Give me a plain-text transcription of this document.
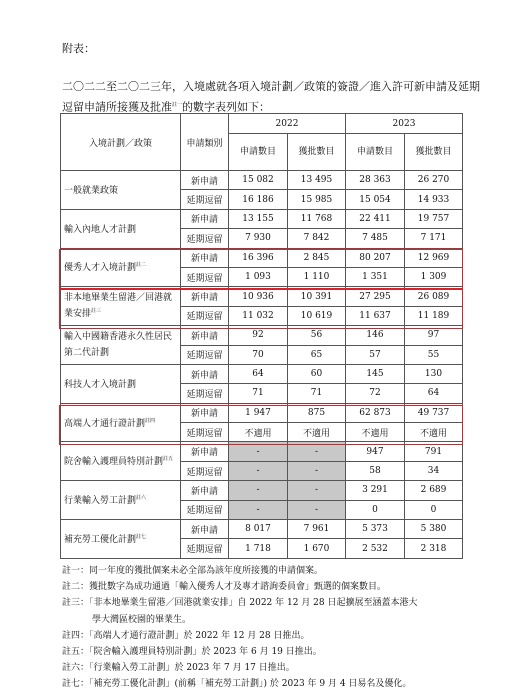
附表：
二〇二二至二〇二三年，入境處就各項入境計劃／政策的簽證／進入許可新申請及延期逗留申請所接獲及批准$^{註一}$的數字表列如下：
入境計劃／政策	申請類別	2022		2023	
		申請數目	獲批數目	申請數目	獲批數目
一般就業政策	新申請	15 082	13 495	28 363	26 270
	延期逗留	16 186	15 985	15 054	14 933
輸入內地人才計劃	新申請	13 155	11 768	22 411	19 757
	延期逗留	7 930	7 842	7 485	7 171
優秀人才入境計劃$^{註二}$	新申請	16 396	2 845	80 207	12 969
	延期逗留	1 093	1 110	1 351	1 309
非本地畢業生留港／回港就業安排$^{註三}$	新申請	10 936	10 391	27 295	26 089
	延期逗留	11 032	10 619	11 637	11 189
輸入中國籍香港永久性居民第二代計劃	新申請	92	56	146	97
	延期逗留	70	65	57	55
科技人才入境計劃	新申請	64	60	145	130
	延期逗留	71	71	72	64
高端人才通行證計劃$^{註四}$	新申請	1 947	875	62 873	49 737
	延期逗留	不適用	不適用	不適用	不適用
院舍輸入護理員特別計劃$^{註五}$	新申請	-	-	947	791
	延期逗留	-	-	58	34
行業輸入勞工計劃$^{註六}$	新申請	-	-	3 291	2 689
	延期逗留	-	-	0	0
補充勞工優化計劃$^{註七}$	新申請	8 017	7 961	5 373	5 380
	延期逗留	1 718	1 670	2 532	2 318
註一：同一年度的獲批個案未必全部為該年度所接獲的申請個案。
註二：獲批數字為成功通過「輸入優秀人才及專才諮詢委員會」甄選的個案數目。
註三：「非本地畢業生留港／回港就業安排」自 2022 年 12 月 28 日起擴展至涵蓋本港大
學大灣區校園的畢業生。
註四：「高端人才通行證計劃」於 2022 年 12 月 28 日推出。
註五：「院舍輸入護理員特別計劃」於 2023 年 6 月 19 日推出。
註六：「行業輸入勞工計劃」於 2023 年 7 月 17 日推出。
註七：「補充勞工優化計劃」(前稱「補充勞工計劃」) 於 2023 年 9 月 4 日易名及優化。
